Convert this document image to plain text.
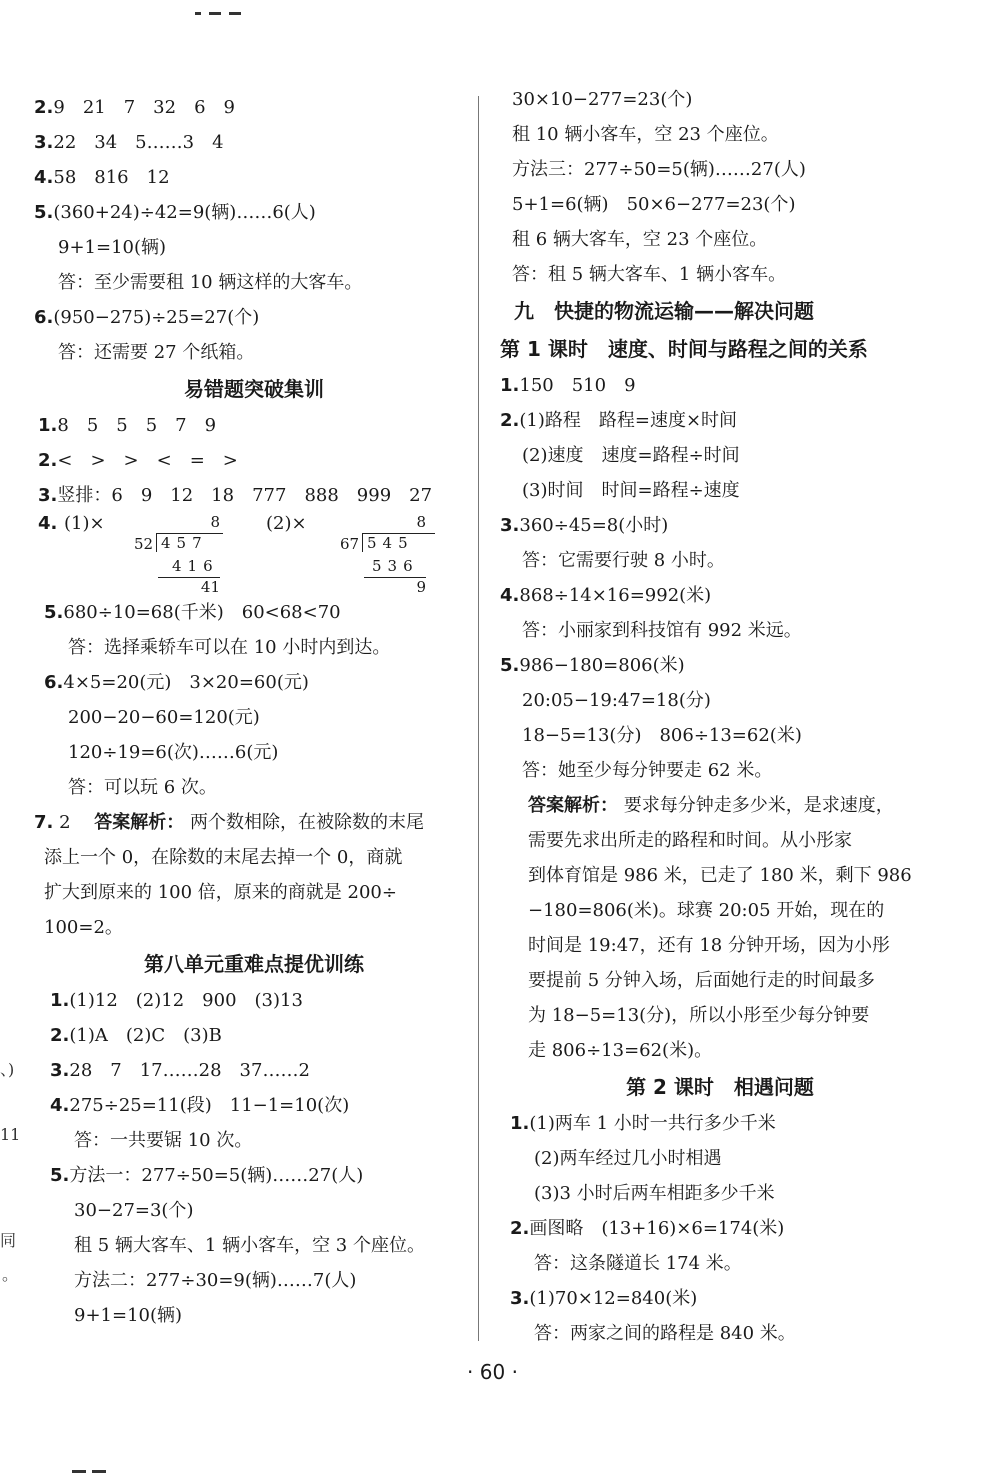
2.9　21　7　32　6　9
3.22　34　5……3　4
4.58　816　12
5.(360+24)÷42=9(辆)……6(人)
9+1=10(辆)
答：至少需要租 10 辆这样的大客车。
6.(950−275)÷25=27(个)
答：还需要 27 个纸箱。
易错题突破集训
1.8　5　5　5　7　9
2.<　>　>　<　=　>
3.竖排：6　9　12　18　777　888　999　27
4. (1)×	8
52 457
416
41
(2)×	8
67 545
536
9
5.680÷10=68(千米)　60<68<70
答：选择乘轿车可以在 10 小时内到达。
6.4×5=20(元)　3×20=60(元)
200−20−60=120(元)
120÷19=6(次)……6(元)
答：可以玩 6 次。
7. 2　 答案解析： 两个数相除，在被除数的末尾
添上一个 0，在除数的末尾去掉一个 0，商就
扩大到原来的 100 倍，原来的商就是 200÷
100=2。
第八单元重难点提优训练
1.(1)12　(2)12　900　(3)13
2.(1)A　(2)C　(3)B
3.28　7　17……28　37……2
4.275÷25=11(段)　11−1=10(次)
答：一共要锯 10 次。
5.方法一：277÷50=5(辆)……27(人)
30−27=3(个)
租 5 辆大客车、1 辆小客车，空 3 个座位。
方法二：277÷30=9(辆)……7(人)
9+1=10(辆)
30×10−277=23(个)
租 10 辆小客车，空 23 个座位。
方法三：277÷50=5(辆)……27(人)
5+1=6(辆)　50×6−277=23(个)
租 6 辆大客车，空 23 个座位。
答：租 5 辆大客车、1 辆小客车。
九　快捷的物流运输——解决问题
第 1 课时　速度、时间与路程之间的关系
1.150　510　9
2.(1)路程　路程=速度×时间
(2)速度　速度=路程÷时间
(3)时间　时间=路程÷速度
3.360÷45=8(小时)
答：它需要行驶 8 小时。
4.868÷14×16=992(米)
答：小丽家到科技馆有 992 米远。
5.986−180=806(米)
20:05−19:47=18(分)
18−5=13(分)　806÷13=62(米)
答：她至少每分钟要走 62 米。
答案解析： 要求每分钟走多少米，是求速度，
需要先求出所走的路程和时间。从小彤家
到体育馆是 986 米，已走了 180 米，剩下 986
−180=806(米)。球赛 20:05 开始，现在的
时间是 19:47，还有 18 分钟开场，因为小彤
要提前 5 分钟入场，后面她行走的时间最多
为 18−5=13(分)，所以小彤至少每分钟要
走 806÷13=62(米)。
第 2 课时　相遇问题
1.(1)两车 1 小时一共行多少千米
(2)两车经过几小时相遇
(3)3 小时后两车相距多少千米
2.画图略　(13+16)×6=174(米)
答：这条隧道长 174 米。
3.(1)70×12=840(米)
答：两家之间的路程是 840 米。
· 60 ·
、)
11
同
。
